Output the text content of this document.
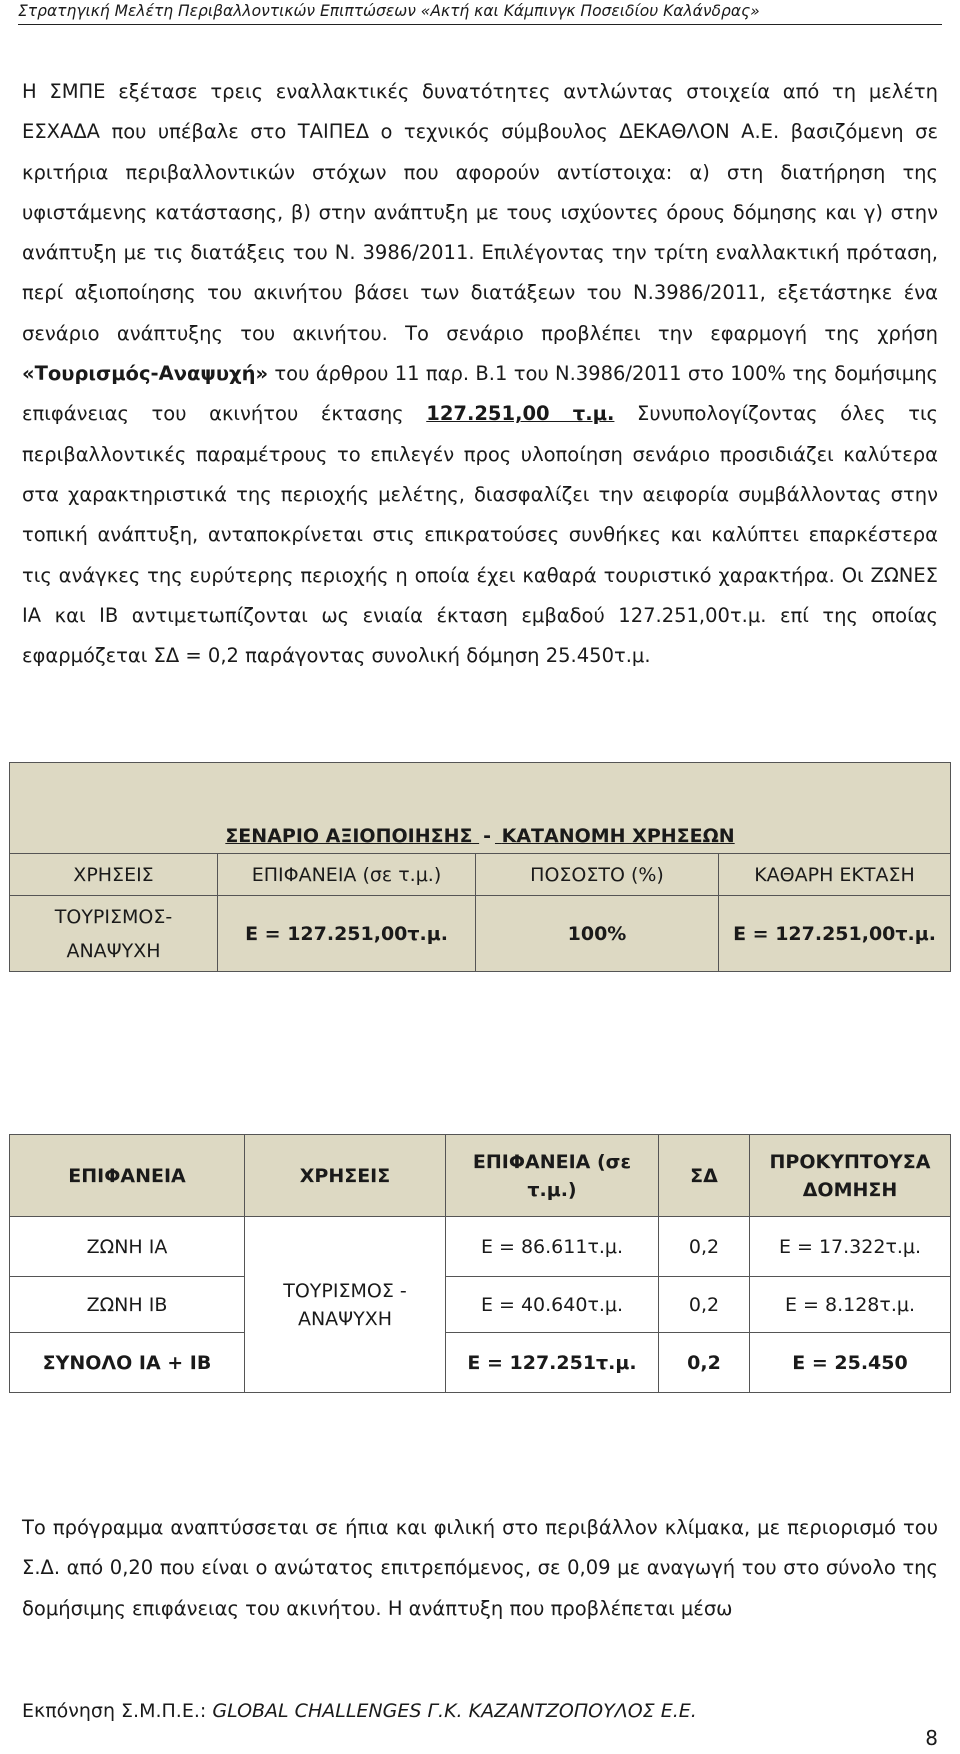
Στρατηγική Μελέτη Περιβαλλοντικών Επιπτώσεων «Ακτή και Κάμπινγκ Ποσειδίου Καλάνδρας»

Η ΣΜΠΕ εξέτασε τρεις εναλλακτικές δυνατότητες αντλώντας στοιχεία από τη μελέτη ΕΣΧΑΔΑ που υπέβαλε στο ΤΑΙΠΕΔ ο τεχνικός σύμβουλος ΔΕΚΑΘΛΟΝ Α.Ε. βασιζόμενη σε κριτήρια περιβαλλοντικών στόχων που αφορούν αντίστοιχα: α) στη διατήρηση της υφιστάμενης κατάστασης, β) στην ανάπτυξη με τους ισχύοντες όρους δόμησης και γ) στην ανάπτυξη με τις διατάξεις του Ν. 3986/2011. Επιλέγοντας την τρίτη εναλλακτική πρόταση, περί αξιοποίησης του ακινήτου βάσει των διατάξεων του Ν.3986/2011, εξετάστηκε ένα σενάριο ανάπτυξης του ακινήτου. Το σενάριο προβλέπει την εφαρμογή της χρήση «Τουρισμός-Αναψυχή» του άρθρου 11 παρ. Β.1 του Ν.3986/2011 στο 100% της δομήσιμης επιφάνειας του ακινήτου έκτασης 127.251,00 τ.μ. Συνυπολογίζοντας όλες τις περιβαλλοντικές παραμέτρους το επιλεγέν προς υλοποίηση σενάριο προσιδιάζει καλύτερα στα χαρακτηριστικά της περιοχής μελέτης, διασφαλίζει την αειφορία συμβάλλοντας στην τοπική ανάπτυξη, ανταποκρίνεται στις επικρατούσες συνθήκες και καλύπτει επαρκέστερα τις ανάγκες της ευρύτερης περιοχής η οποία έχει καθαρά τουριστικό χαρακτήρα. Οι ΖΩΝΕΣ ΙΑ και ΙΒ αντιμετωπίζονται ως ενιαία έκταση εμβαδού 127.251,00τ.μ. επί της οποίας εφαρμόζεται ΣΔ = 0,2 παράγοντας συνολική δόμηση 25.450τ.μ.

ΣΕΝΑΡΙΟ ΑΞΙΟΠΟΙΗΣΗΣ - ΚΑΤΑΝΟΜΗ ΧΡΗΣΕΩΝ			
ΧΡΗΣΕΙΣ	ΕΠΙΦΑΝΕΙΑ (σε τ.μ.)	ΠΟΣΟΣΤΟ (%)	ΚΑΘΑΡΗ ΕΚΤΑΣΗ
ΤΟΥΡΙΣΜΟΣ-ΑΝΑΨΥΧΗ	Ε = 127.251,00τ.μ.	100%	Ε = 127.251,00τ.μ.
ΕΠΙΦΑΝΕΙΑ	ΧΡΗΣΕΙΣ	ΕΠΙΦΑΝΕΙΑ (σε τ.μ.)	ΣΔ	ΠΡΟΚΥΠΤΟΥΣΑ ΔΟΜΗΣΗ
ΖΩΝΗ ΙΑ	ΤΟΥΡΙΣΜΟΣ - ΑΝΑΨΥΧΗ	Ε = 86.611τ.μ.	0,2	Ε = 17.322τ.μ.
ΖΩΝΗ ΙΒ		Ε = 40.640τ.μ.	0,2	Ε = 8.128τ.μ.
ΣΥΝΟΛΟ ΙΑ + ΙΒ		Ε = 127.251τ.μ.	0,2	Ε = 25.450

Το πρόγραμμα αναπτύσσεται σε ήπια και φιλική στο περιβάλλον κλίμακα, με περιορισμό του Σ.Δ. από 0,20 που είναι ο ανώτατος επιτρεπόμενος, σε 0,09 με αναγωγή του στο σύνολο της δομήσιμης επιφάνειας του ακινήτου. Η ανάπτυξη που προβλέπεται μέσω

Εκπόνηση Σ.Μ.Π.Ε.: GLOBAL CHALLENGES Γ.Κ. ΚΑΖΑΝΤΖΟΠΟΥΛΟΣ Ε.Ε.
8
